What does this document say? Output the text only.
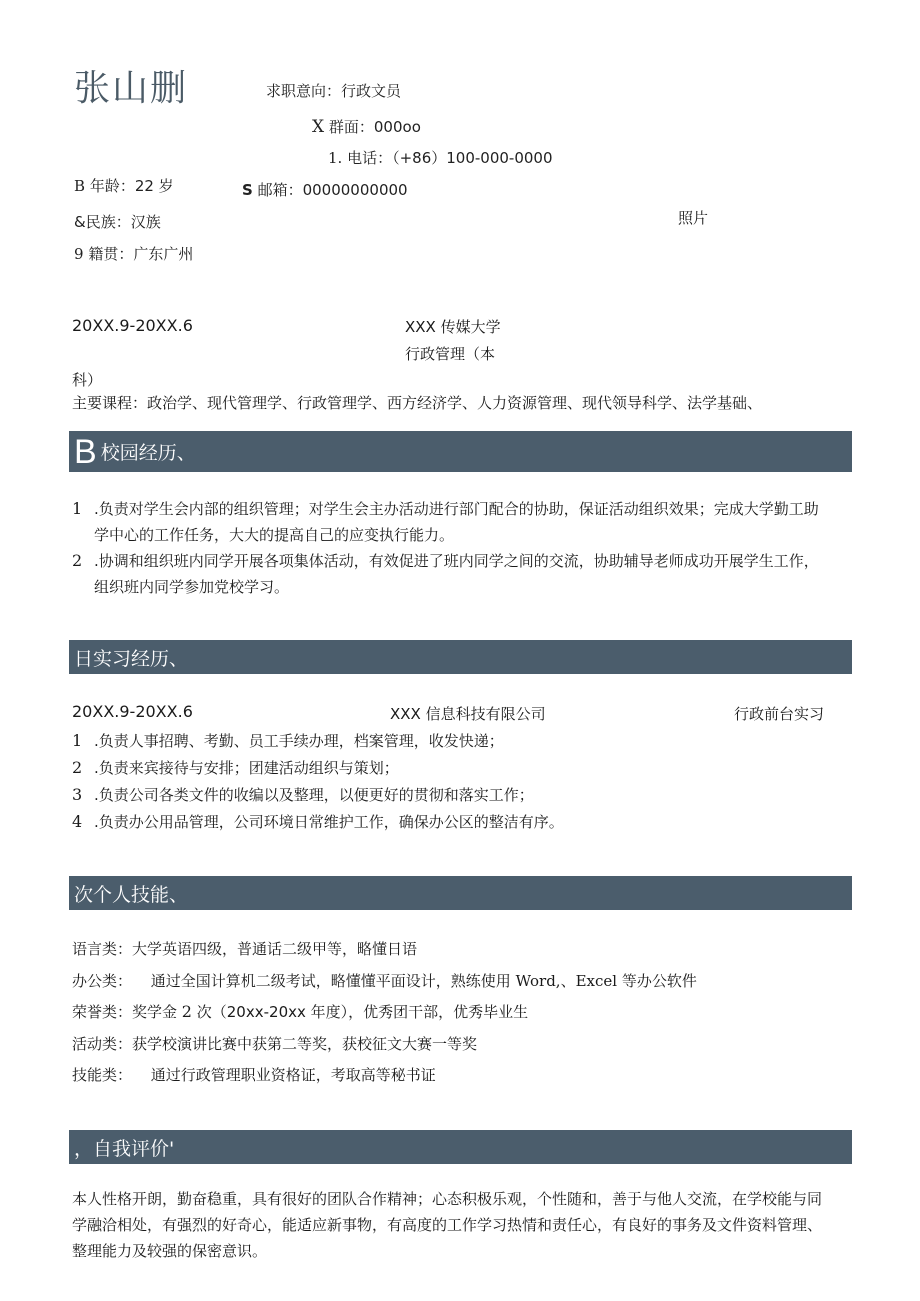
张山删	求职意向：行政文员
X 群面：000oo
1. 电话：（+86）100-000-0000
B 年龄：22 岁	S 邮箱：00000000000
&民族：汉族	照片
9 籍贯：广东广州
20XX.9-20XX.6	XXX 传媒大学
行政管理（本
科）
主要课程：政治学、现代管理学、行政管理学、西方经济学、人力资源管理、现代领导科学、法学基础、
B 校园经历、
1 .负责对学生会内部的组织管理；对学生会主办活动进行部门配合的协助，保证活动组织效果；完成大学勤工助
学中心的工作任务，大大的提高自己的应变执行能力。
2 .协调和组织班内同学开展各项集体活动，有效促进了班内同学之间的交流，协助辅导老师成功开展学生工作，
组织班内同学参加党校学习。
日实习经历、
20XX.9-20XX.6	XXX 信息科技有限公司	行政前台实习
1 .负责人事招聘、考勤、员工手续办理，档案管理，收发快递；
2 .负责来宾接待与安排；团建活动组织与策划；
3 .负责公司各类文件的收编以及整理，以便更好的贯彻和落实工作；
4 .负责办公用品管理，公司环境日常维护工作，确保办公区的整洁有序。
次个人技能、
语言类：大学英语四级，普通话二级甲等，略懂日语
办公类： 通过全国计算机二级考试，略懂懂平面设计，熟练使用 Word,、Excel 等办公软件
荣誉类：奖学金 2 次（20xx-20xx 年度），优秀团干部，优秀毕业生
活动类：获学校演讲比赛中获第二等奖，获校征文大赛一等奖
技能类： 通过行政管理职业资格证，考取高等秘书证
，自我评价'
本人性格开朗，勤奋稳重，具有很好的团队合作精神；心态积极乐观，个性随和，善于与他人交流，在学校能与同
学融洽相处，有强烈的好奇心，能适应新事物，有高度的工作学习热情和责任心，有良好的事务及文件资料管理、
整理能力及较强的保密意识。
